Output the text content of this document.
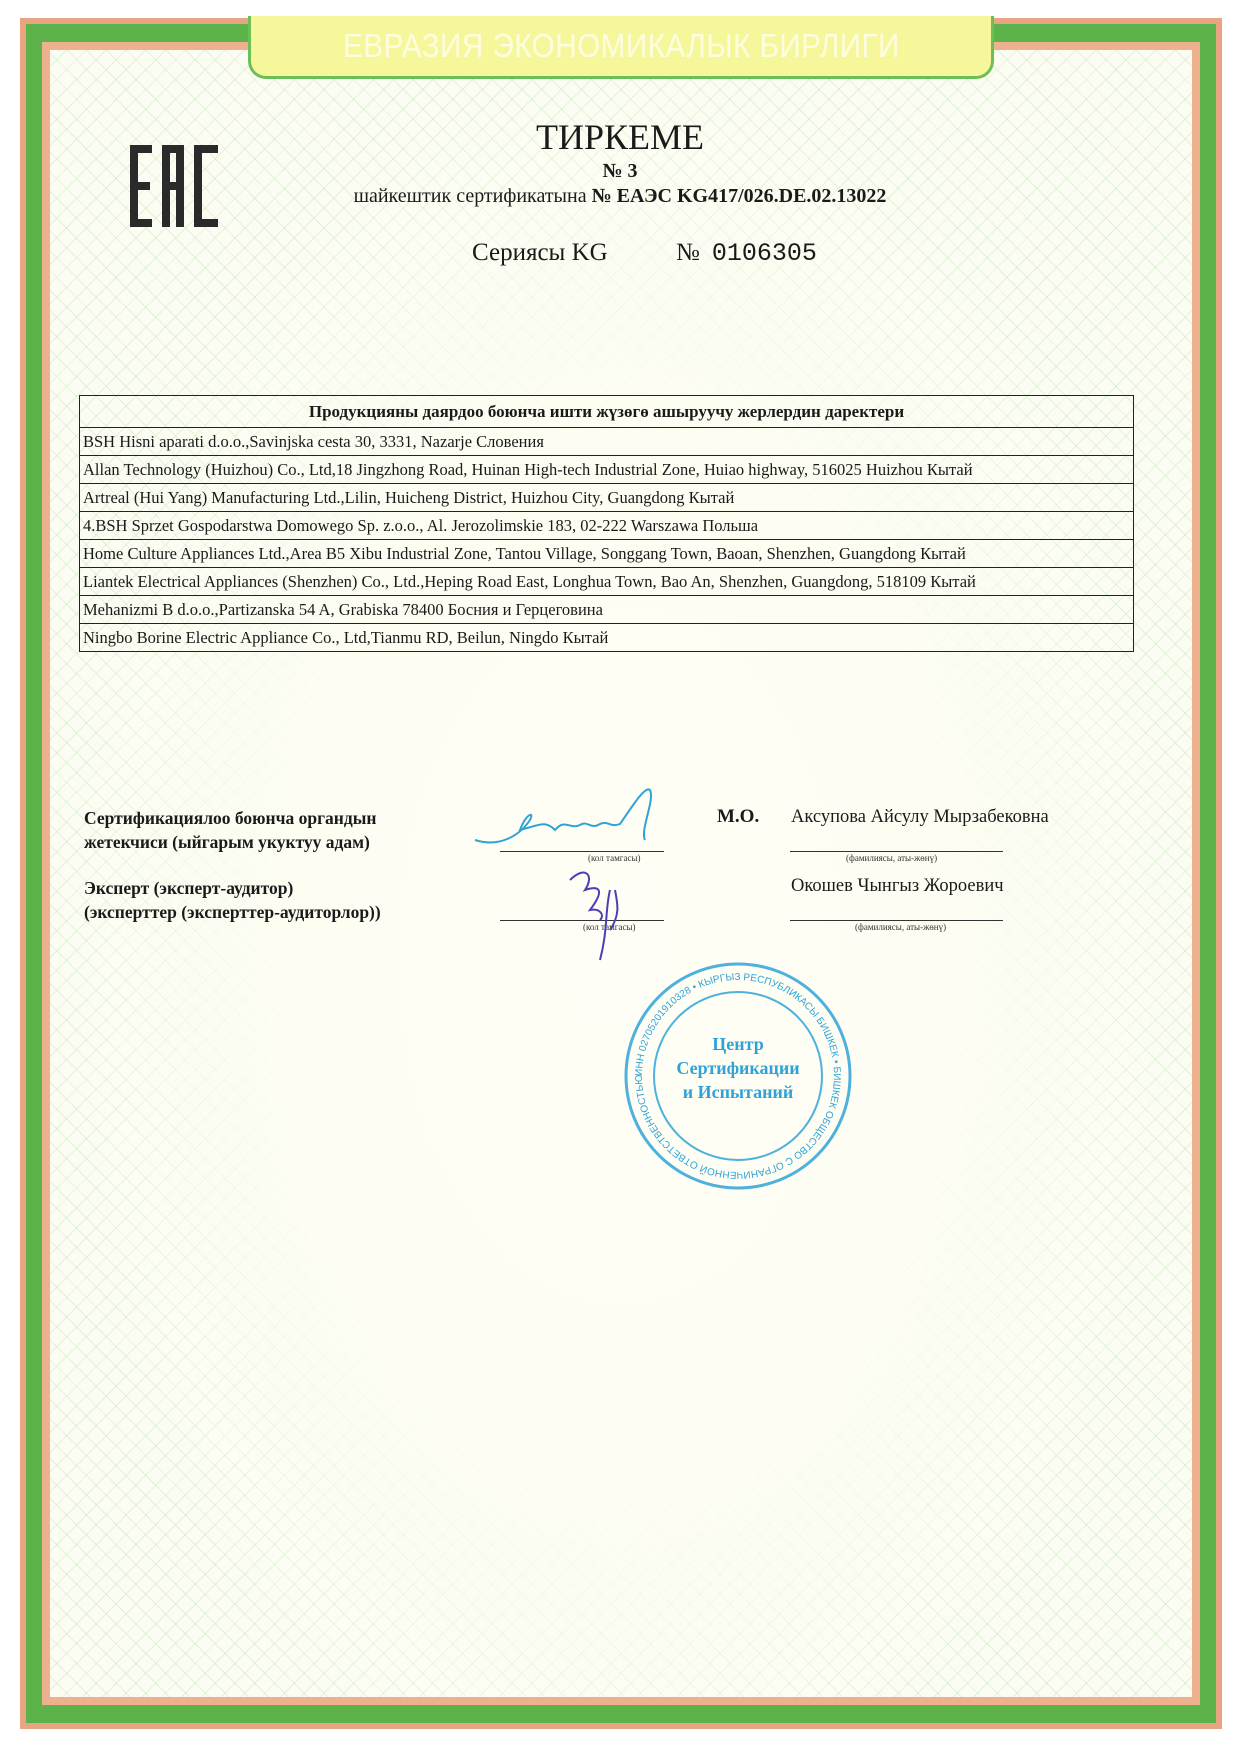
ЕВРАЗИЯ ЭКОНОМИКАЛЫК БИРЛИГИ
ТИРКЕМЕ
№ 3
шайкештик сертификатына № ЕАЭС KG417/026.DE.02.13022
Сериясы KG	№ 0106305
Продукцияны даярдоо боюнча ишти жүзөгө ашыруучу жерлердин даректери
BSH Hisni aparati d.o.o.,Savinjska cesta 30, 3331, Nazarje Словения
Allan Technology (Huizhou) Co., Ltd,18 Jingzhong Road, Huinan High-tech Industrial Zone, Huiao highway, 516025 Huizhou Кытай
Artreal (Hui Yang) Manufacturing Ltd.,Lilin, Huicheng District, Huizhou City, Guangdong Кытай
4.BSH Sprzet Gospodarstwa Domowego Sp. z.o.o., Al. Jerozolimskie 183, 02-222 Warszawa Польша
Home Culture Appliances Ltd.,Area B5 Xibu Industrial Zone, Tantou Village, Songgang Town, Baoan, Shenzhen, Guangdong Кытай
Liantek Electrical Appliances (Shenzhen) Co., Ltd.,Heping Road East, Longhua Town, Bao An, Shenzhen, Guangdong, 518109 Кытай
Mehanizmi B d.o.o.,Partizanska 54 A, Grabiska 78400 Босния и Герцеговина
Ningbo Borine Electric Appliance Co., Ltd,Tianmu RD, Beilun, Ningdo Кытай
Сертификациялоо боюнча органдын
жетекчиси (ыйгарым укуктуу адам)
Эксперт (эксперт-аудитор)
(эксперттер (эксперттер-аудиторлор))
(кол тамгасы)	(фамилиясы, аты-жөнү)
М.О. Аксупова Айсулу Мырзабековна
(кол тамгасы)	(фамилиясы, аты-жөнү)
Окошев Чынгыз Жороевич
ИНН 02705201910328 • КЫРГЫЗ РЕСПУБЛИКАСЫ БИШКЕК • БИШКЕК ОБЩЕСТВО С ОГРАНИЧЕННОЙ ОТВЕТСТВЕННОСТЬЮ
Центр
Сертификации
и Испытаний
